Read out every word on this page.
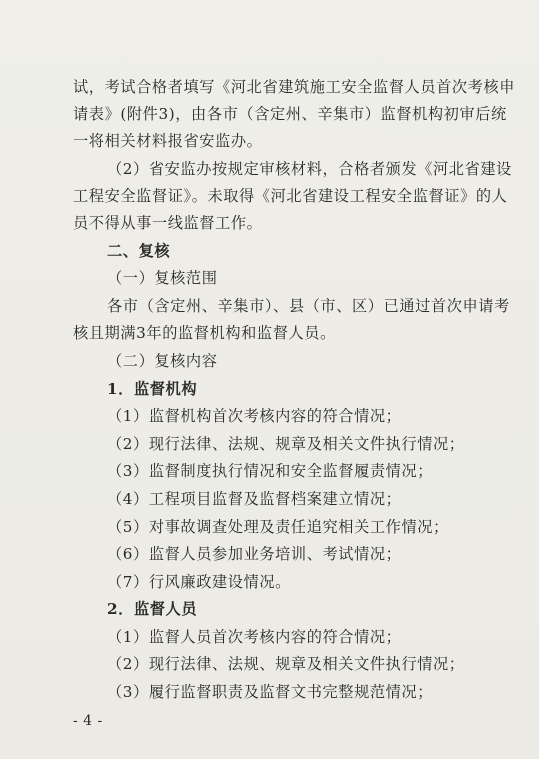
试，考试合格者填写《河北省建筑施工安全监督人员首次考核申
请表》(附件3)，由各市（含定州、辛集市）监督机构初审后统
一将相关材料报省安监办。
（2）省安监办按规定审核材料，合格者颁发《河北省建设
工程安全监督证》。未取得《河北省建设工程安全监督证》的人
员不得从事一线监督工作。
二、复核
（一）复核范围
各市（含定州、辛集市）、县（市、区）已通过首次申请考
核且期满3年的监督机构和监督人员。
（二）复核内容
1．监督机构
（1）监督机构首次考核内容的符合情况；
（2）现行法律、法规、规章及相关文件执行情况；
（3）监督制度执行情况和安全监督履责情况；
（4）工程项目监督及监督档案建立情况；
（5）对事故调查处理及责任追究相关工作情况；
（6）监督人员参加业务培训、考试情况；
（7）行风廉政建设情况。
2．监督人员
（1）监督人员首次考核内容的符合情况；
（2）现行法律、法规、规章及相关文件执行情况；
（3）履行监督职责及监督文书完整规范情况；
- 4 -
